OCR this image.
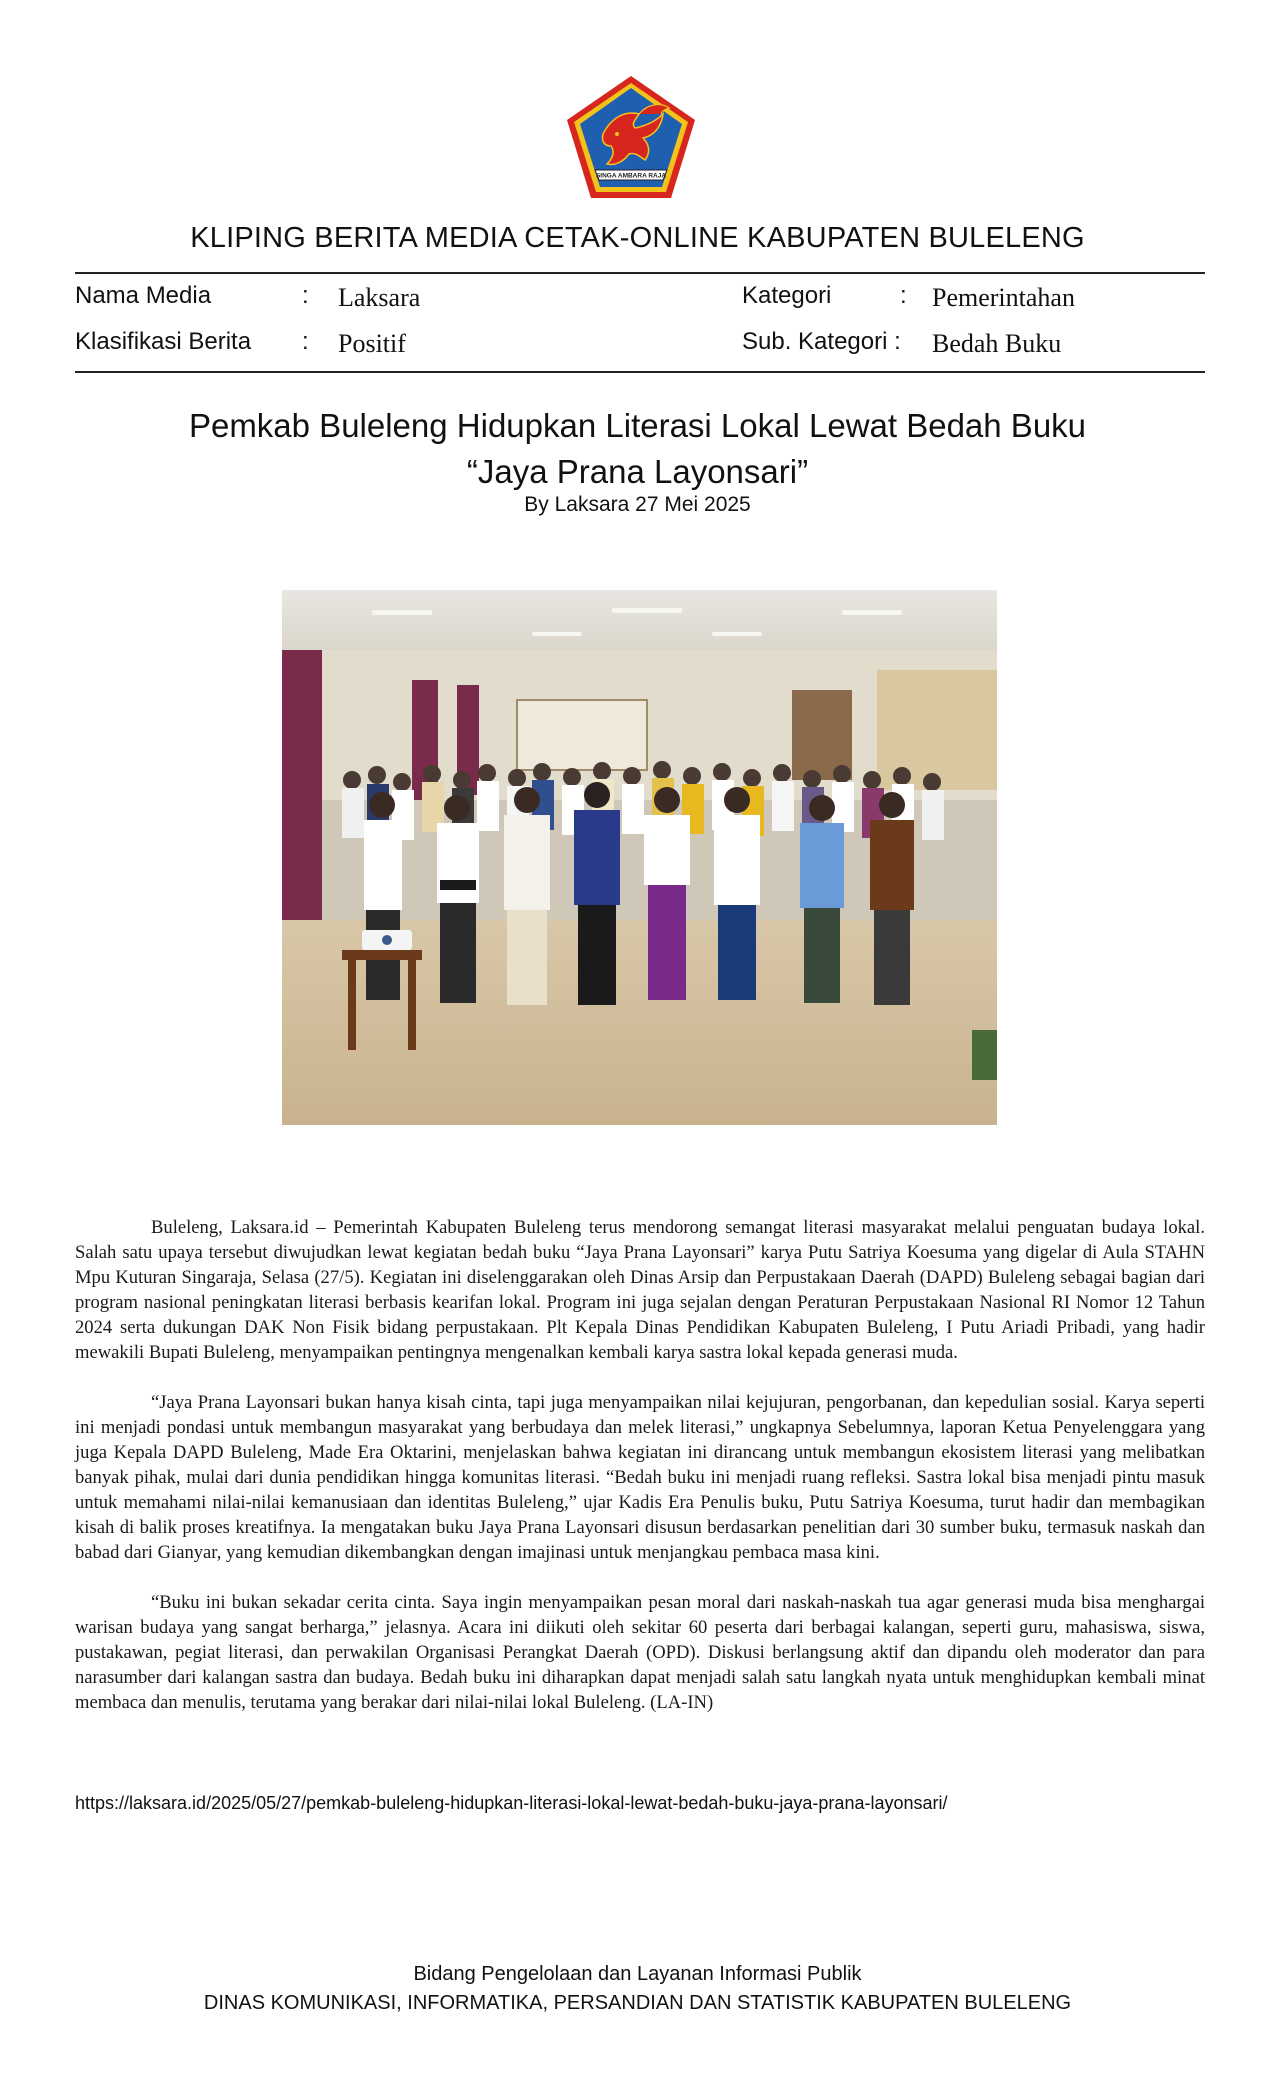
SINGA AMBARA RAJA
KLIPING BERITA MEDIA CETAK-ONLINE KABUPATEN BULELENG
Nama Media	: Laksara	Kategori	: Pemerintahan
Klasifikasi Berita : Positif	Sub. Kategori : Bedah Buku
Pemkab Buleleng Hidupkan Literasi Lokal Lewat Bedah Buku
“Jaya Prana Layonsari”
By Laksara 27 Mei 2025

Buleleng, Laksara.id – Pemerintah Kabupaten Buleleng terus mendorong semangat literasi masyarakat melalui penguatan budaya lokal. Salah satu upaya tersebut diwujudkan lewat kegiatan bedah buku “Jaya Prana Layonsari” karya Putu Satriya Koesuma yang digelar di Aula STAHN Mpu Kuturan Singaraja, Selasa (27/5). Kegiatan ini diselenggarakan oleh Dinas Arsip dan Perpustakaan Daerah (DAPD) Buleleng sebagai bagian dari program nasional peningkatan literasi berbasis kearifan lokal. Program ini juga sejalan dengan Peraturan Perpustakaan Nasional RI Nomor 12 Tahun 2024 serta dukungan DAK Non Fisik bidang perpustakaan. Plt Kepala Dinas Pendidikan Kabupaten Buleleng, I Putu Ariadi Pribadi, yang hadir mewakili Bupati Buleleng, menyampaikan pentingnya mengenalkan kembali karya sastra lokal kepada generasi muda.

“Jaya Prana Layonsari bukan hanya kisah cinta, tapi juga menyampaikan nilai kejujuran, pengorbanan, dan kepedulian sosial. Karya seperti ini menjadi pondasi untuk membangun masyarakat yang berbudaya dan melek literasi,” ungkapnya Sebelumnya, laporan Ketua Penyelenggara yang juga Kepala DAPD Buleleng, Made Era Oktarini, menjelaskan bahwa kegiatan ini dirancang untuk membangun ekosistem literasi yang melibatkan banyak pihak, mulai dari dunia pendidikan hingga komunitas literasi. “Bedah buku ini menjadi ruang refleksi. Sastra lokal bisa menjadi pintu masuk untuk memahami nilai-nilai kemanusiaan dan identitas Buleleng,” ujar Kadis Era Penulis buku, Putu Satriya Koesuma, turut hadir dan membagikan kisah di balik proses kreatifnya. Ia mengatakan buku Jaya Prana Layonsari disusun berdasarkan penelitian dari 30 sumber buku, termasuk naskah dan babad dari Gianyar, yang kemudian dikembangkan dengan imajinasi untuk menjangkau pembaca masa kini.

“Buku ini bukan sekadar cerita cinta. Saya ingin menyampaikan pesan moral dari naskah-naskah tua agar generasi muda bisa menghargai warisan budaya yang sangat berharga,” jelasnya. Acara ini diikuti oleh sekitar 60 peserta dari berbagai kalangan, seperti guru, mahasiswa, siswa, pustakawan, pegiat literasi, dan perwakilan Organisasi Perangkat Daerah (OPD). Diskusi berlangsung aktif dan dipandu oleh moderator dan para narasumber dari kalangan sastra dan budaya. Bedah buku ini diharapkan dapat menjadi salah satu langkah nyata untuk menghidupkan kembali minat membaca dan menulis, terutama yang berakar dari nilai-nilai lokal Buleleng. (LA-IN)

https://laksara.id/2025/05/27/pemkab-buleleng-hidupkan-literasi-lokal-lewat-bedah-buku-jaya-prana-layonsari/
Bidang Pengelolaan dan Layanan Informasi Publik
DINAS KOMUNIKASI, INFORMATIKA, PERSANDIAN DAN STATISTIK KABUPATEN BULELENG
